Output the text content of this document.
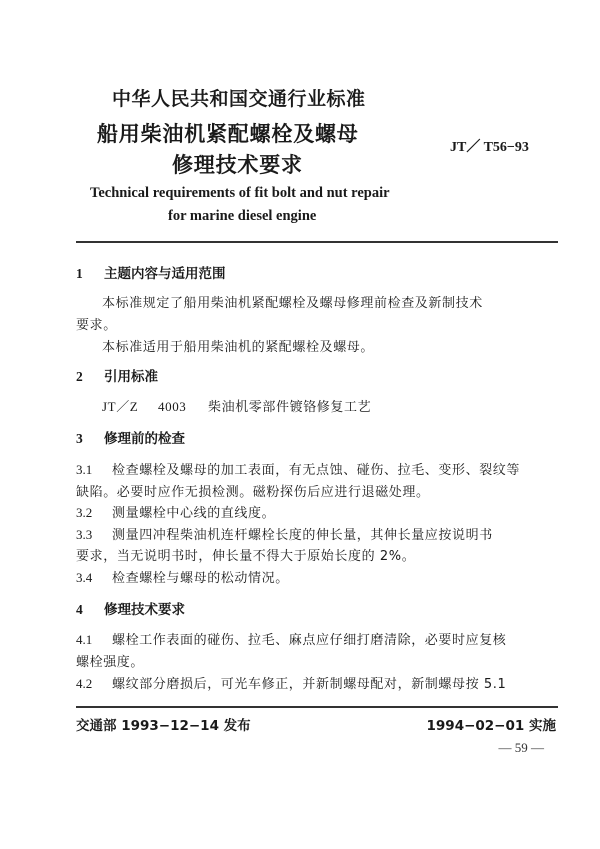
中华人民共和国交通行业标准
船用柴油机紧配螺栓及螺母
修理技术要求
JT／ T56−93
Technical requirements of fit bolt and nut repair
for marine diesel engine
1 主题内容与适用范围
本标准规定了船用柴油机紧配螺栓及螺母修理前检查及新制技术
要求。
本标准适用于船用柴油机的紧配螺栓及螺母。
2 引用标准
JT／Z 4003 柴油机零部件镀铬修复工艺
3 修理前的检查
3.1 检查螺栓及螺母的加工表面，有无点蚀、碰伤、拉毛、变形、裂纹等
缺陷。必要时应作无损检测。磁粉探伤后应进行退磁处理。
3.2 测量螺栓中心线的直线度。
3.3 测量四冲程柴油机连杆螺栓长度的伸长量，其伸长量应按说明书
要求，当无说明书时，伸长量不得大于原始长度的 2%。
3.4 检查螺栓与螺母的松动情况。
4 修理技术要求
4.1 螺栓工作表面的碰伤、拉毛、麻点应仔细打磨清除，必要时应复核
螺栓强度。
4.2 螺纹部分磨损后，可光车修正，并新制螺母配对，新制螺母按 5.1
交通部 1993−12−14 发布	1994−02−01 实施
— 59 —
